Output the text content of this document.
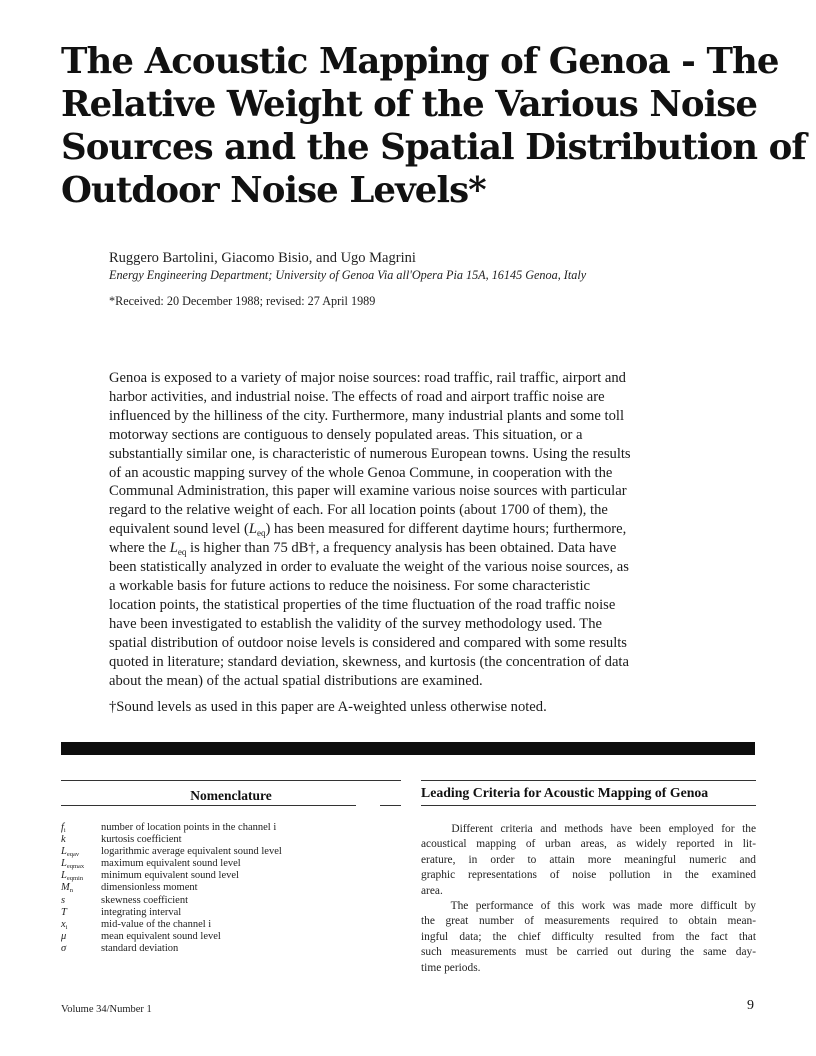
The Acoustic Mapping of Genoa - The
Relative Weight of the Various Noise
Sources and the Spatial Distribution of
Outdoor Noise Levels*

Ruggero Bartolini, Giacomo Bisio, and Ugo Magrini

Energy Engineering Department; University of Genoa Via all'Opera Pia 15A, 16145 Genoa, Italy

*Received: 20 December 1988; revised: 27 April 1989

Genoa is exposed to a variety of major noise sources: road traffic, rail traffic, airport and
harbor activities, and industrial noise. The effects of road and airport traffic noise are
influenced by the hilliness of the city. Furthermore, many industrial plants and some toll
motorway sections are contiguous to densely populated areas. This situation, or a
substantially similar one, is characteristic of numerous European towns. Using the results
of an acoustic mapping survey of the whole Genoa Commune, in cooperation with the
Communal Administration, this paper will examine various noise sources with particular
regard to the relative weight of each. For all location points (about 1700 of them), the
equivalent sound level $(L_{eq})$ has been measured for different daytime hours; furthermore,
where the $L_{eq}$ is higher than 75 dB†, a frequency analysis has been obtained. Data have
been statistically analyzed in order to evaluate the weight of the various noise sources, as
a workable basis for future actions to reduce the noisiness. For some characteristic
location points, the statistical properties of the time fluctuation of the road traffic noise
have been investigated to establish the validity of the survey methodology used. The
spatial distribution of outdoor noise levels is considered and compared with some results
quoted in literature; standard deviation, skewness, and kurtosis (the concentration of data
about the mean) of the actual spatial distributions are examined.

†Sound levels as used in this paper are A-weighted unless otherwise noted.

Nomenclature

$f_i$	number of location points in the channel i
k	kurtosis coefficient
$L_{eqav}$	logarithmic average equivalent sound level
$L_{eqmax}$	maximum equivalent sound level
$L_{eqmin}$	minimum equivalent sound level
$M_n$	dimensionless moment
s	skewness coefficient
T	integrating interval
$x_i$	mid-value of the channel i
μ	mean equivalent sound level
σ	standard deviation
Leading Criteria for Acoustic Mapping of Genoa
Different criteria and methods have been employed for the
acoustical mapping of urban areas, as widely reported in lit-
erature, in order to attain more meaningful numeric and
graphic representations of noise pollution in the examined
area.
The performance of this work was made more difficult by
the great number of measurements required to obtain mean-
ingful data; the chief difficulty resulted from the fact that
such measurements must be carried out during the same day-
time periods.

Volume 34/Number 1	9
